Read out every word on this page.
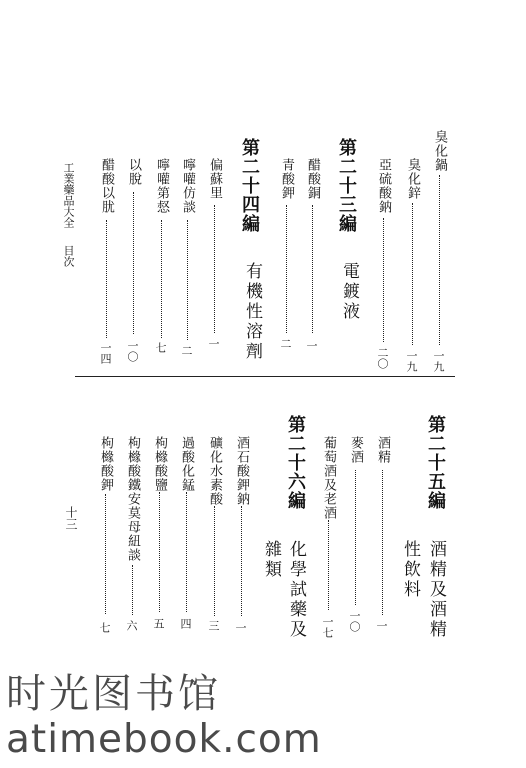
臭化鍋
一九
臭化鋅
一九
亞硫酸鈉
二〇
第二十三編
電鍍液
醋酸銅
一
青酸鉀
二
第二十四編
有機性溶劑
偏蘇里
一
嚀嚾仿談
二
嚀嚾第惄
七
以脫
一〇
醋酸以肬
一四
工業藥品大全
目次
第二十五編
酒精及酒精
性飲料
酒精
一
麥酒
一〇
葡萄酒及老酒
一七
第二十六編
化學試藥及
雜類
酒石酸鉀鈉
一
礦化水素酸
三
過酸化錳
四
枸櫞酸鹽
五
枸櫞酸鐵安莫母紐談
六
枸櫞酸鉀
七
十三
时光图书馆
atimebook.com
